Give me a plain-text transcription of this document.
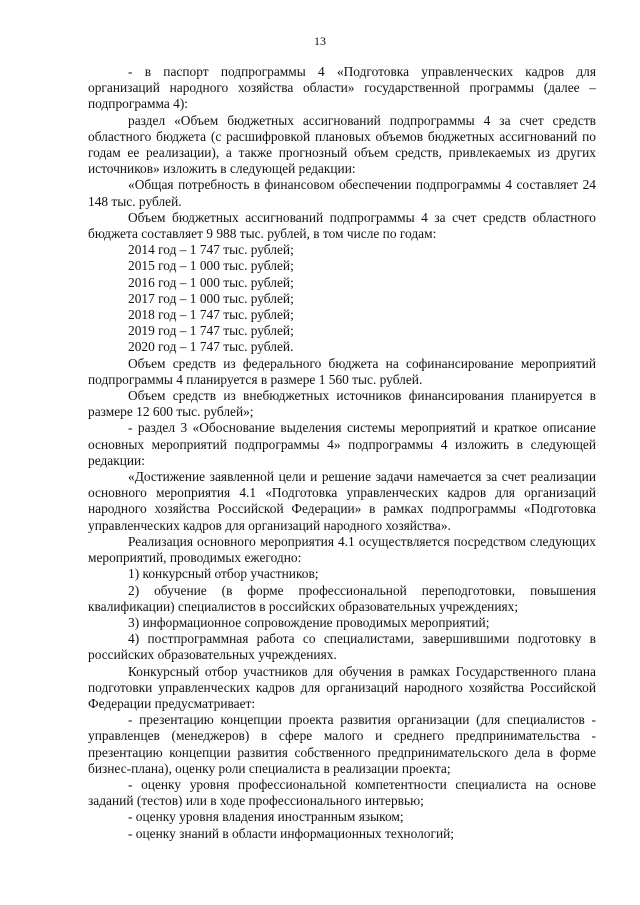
13

- в паспорт подпрограммы 4 «Подготовка управленческих кадров для организаций народного хозяйства области» государственной программы (далее – подпрограмма 4):

раздел «Объем бюджетных ассигнований подпрограммы 4 за счет средств областного бюджета (с расшифровкой плановых объемов бюджетных ассигнований по годам ее реализации), а также прогнозный объем средств, привлекаемых из других источников» изложить в следующей редакции:

«Общая потребность в финансовом обеспечении подпрограммы 4 составляет 24 148 тыс. рублей.

Объем бюджетных ассигнований подпрограммы 4 за счет средств областного бюджета составляет 9 988 тыс. рублей, в том числе по годам:

2014 год – 1 747 тыс. рублей;

2015 год – 1 000 тыс. рублей;

2016 год – 1 000 тыс. рублей;

2017 год – 1 000 тыс. рублей;

2018 год – 1 747 тыс. рублей;

2019 год – 1 747 тыс. рублей;

2020 год – 1 747 тыс. рублей.

Объем средств из федерального бюджета на софинансирование мероприятий подпрограммы 4 планируется в размере 1 560 тыс. рублей.

Объем средств из внебюджетных источников финансирования планируется в размере 12 600 тыс. рублей»;

- раздел 3 «Обоснование выделения системы мероприятий и краткое описание основных мероприятий подпрограммы 4» подпрограммы 4 изложить в следующей редакции:

«Достижение заявленной цели и решение задачи намечается за счет реализации основного мероприятия 4.1 «Подготовка управленческих кадров для организаций народного хозяйства Российской Федерации» в рамках подпрограммы «Подготовка управленческих кадров для организаций народного хозяйства».

Реализация основного мероприятия 4.1 осуществляется посредством следующих мероприятий, проводимых ежегодно:

1) конкурсный отбор участников;

2) обучение (в форме профессиональной переподготовки, повышения квалификации) специалистов в российских образовательных учреждениях;

3) информационное сопровождение проводимых мероприятий;

4) постпрограммная работа со специалистами, завершившими подготовку в российских образовательных учреждениях.

Конкурсный отбор участников для обучения в рамках Государственного плана подготовки управленческих кадров для организаций народного хозяйства Российской Федерации предусматривает:

- презентацию концепции проекта развития организации (для специалистов - управленцев (менеджеров) в сфере малого и среднего предпринимательства - презентацию концепции развития собственного предпринимательского дела в форме бизнес-плана), оценку роли специалиста в реализации проекта;

- оценку уровня профессиональной компетентности специалиста на основе заданий (тестов) или в ходе профессионального интервью;

- оценку уровня владения иностранным языком;

- оценку знаний в области информационных технологий;
